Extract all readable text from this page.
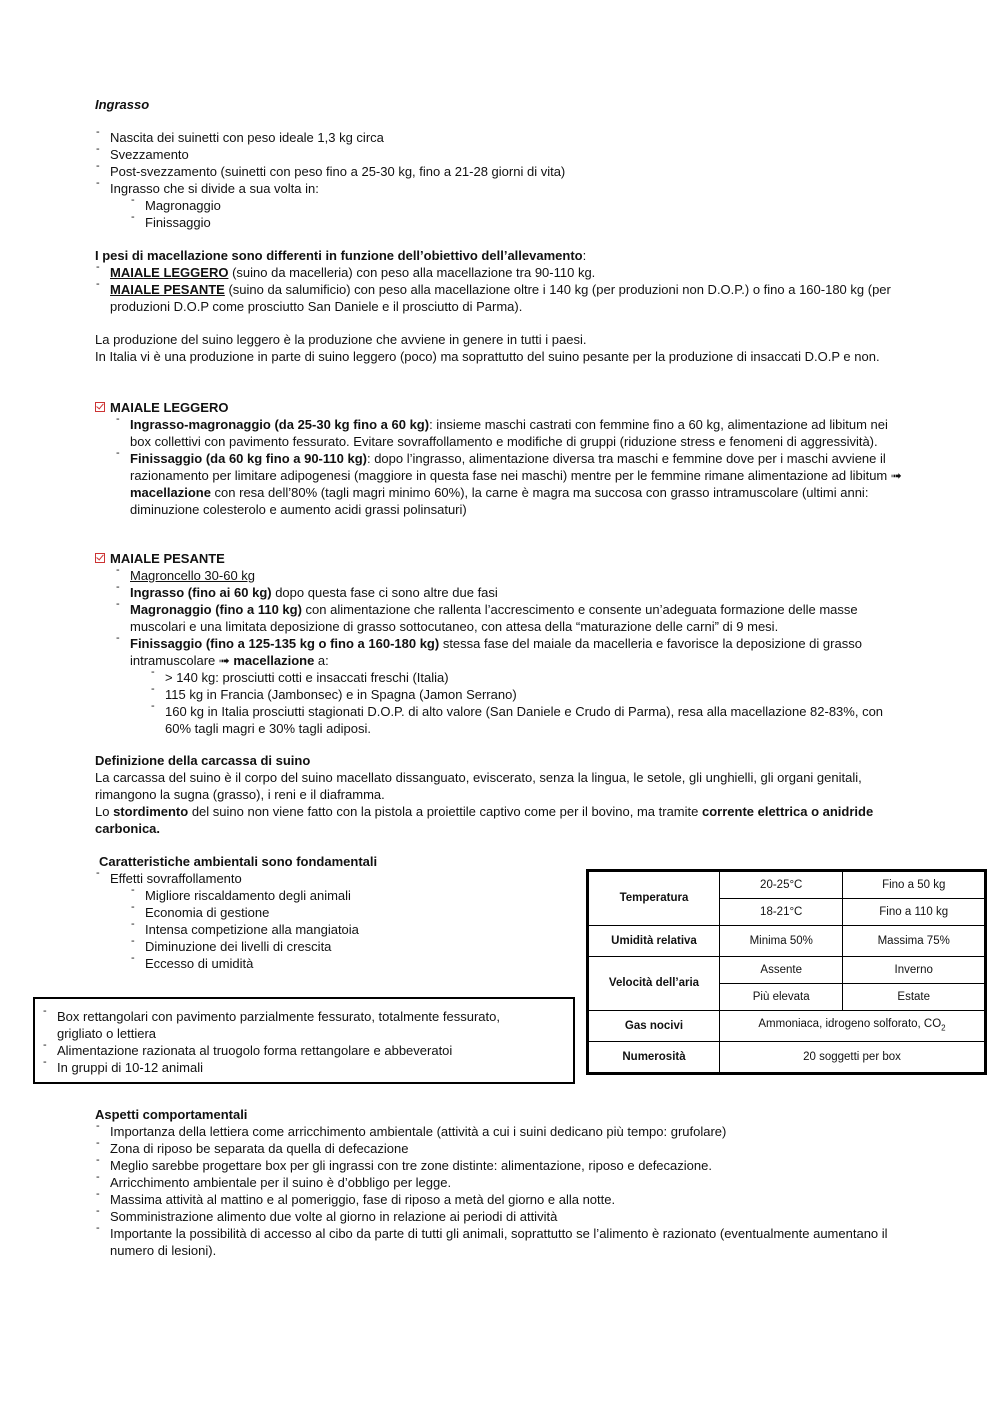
Ingrasso

- Nascita dei suinetti con peso ideale 1,3 kg circa
- Svezzamento
- Post-svezzamento (suinetti con peso fino a 25-30 kg, fino a 21-28 giorni di vita)
- Ingrasso che si divide a sua volta in:
- Magronaggio
- Finissaggio

I pesi di macellazione sono differenti in funzione dell’obiettivo dell’allevamento:

- MAIALE LEGGERO (suino da macelleria) con peso alla macellazione tra 90-110 kg.
- MAIALE PESANTE (suino da salumificio) con peso alla macellazione oltre i 140 kg (per produzioni non D.O.P.) o fino a 160-180 kg (per produzioni D.O.P come prosciutto San Daniele e il prosciutto di Parma).

La produzione del suino leggero è la produzione che avviene in genere in tutti i paesi.

In Italia vi è una produzione in parte di suino leggero (poco) ma soprattutto del suino pesante per la produzione di insaccati D.O.P e non.

MAIALE LEGGERO

- Ingrasso-magronaggio (da 25-30 kg fino a 60 kg): insieme maschi castrati con femmine fino a 60 kg, alimentazione ad libitum nei box collettivi con pavimento fessurato. Evitare sovraffollamento e modifiche di gruppi (riduzione stress e fenomeni di aggressività).
- Finissaggio (da 60 kg fino a 90-110 kg): dopo l’ingrasso, alimentazione diversa tra maschi e femmine dove per i maschi avviene il razionamento per limitare adipogenesi (maggiore in questa fase nei maschi) mentre per le femmine rimane alimentazione ad libitum ➟ macellazione con resa dell’80% (tagli magri minimo 60%), la carne è magra ma succosa con grasso intramuscolare (ultimi anni: diminuzione colesterolo e aumento acidi grassi polinsaturi)

MAIALE PESANTE

- Magroncello 30-60 kg
- Ingrasso (fino ai 60 kg) dopo questa fase ci sono altre due fasi
- Magronaggio (fino a 110 kg) con alimentazione che rallenta l’accrescimento e consente un’adeguata formazione delle masse muscolari e una limitata deposizione di grasso sottocutaneo, con attesa della “maturazione delle carni” di 9 mesi.
- Finissaggio (fino a 125-135 kg o fino a 160-180 kg) stessa fase del maiale da macelleria e favorisce la deposizione di grasso intramuscolare ➟ macellazione a:
- > 140 kg: prosciutti cotti e insaccati freschi (Italia)
- 115 kg in Francia (Jambonsec) e in Spagna (Jamon Serrano)
- 160 kg in Italia prosciutti stagionati D.O.P. di alto valore (San Daniele e Crudo di Parma), resa alla macellazione 82-83%, con 60% tagli magri e 30% tagli adiposi.

Definizione della carcassa di suino

La carcassa del suino è il corpo del suino macellato dissanguato, eviscerato, senza la lingua, le setole, gli unghielli, gli organi genitali, rimangono la sugna (grasso), i reni e il diaframma.

Lo stordimento del suino non viene fatto con la pistola a proiettile captivo come per il bovino, ma tramite corrente elettrica o anidride carbonica.

Caratteristiche ambientali sono fondamentali

- Effetti sovraffollamento
- Migliore riscaldamento degli animali
- Economia di gestione
- Intensa competizione alla mangiatoia
- Diminuzione dei livelli di crescita
- Eccesso di umidità
- Box rettangolari con pavimento parzialmente fessurato, totalmente fessurato, grigliato o lettiera
- Alimentazione razionata al truogolo forma rettangolare e abbeveratoi
- In gruppi di 10-12 animali
Temperatura	20-25°C	Fino a 50 kg
	18-21°C	Fino a 110 kg
Umidità relativa	Minima 50%	Massima 75%
Velocità dell’aria	Assente	Inverno
	Più elevata	Estate
Gas nocivi	Ammoniaca, idrogeno solforato, $CO_2$
Numerosità	20 soggetti per box	

Aspetti comportamentali

- Importanza della lettiera come arricchimento ambientale (attività a cui i suini dedicano più tempo: grufolare)
- Zona di riposo be separata da quella di defecazione
- Meglio sarebbe progettare box per gli ingrassi con tre zone distinte: alimentazione, riposo e defecazione.
- Arricchimento ambientale per il suino è d’obbligo per legge.
- Massima attività al mattino e al pomeriggio, fase di riposo a metà del giorno e alla notte.
- Somministrazione alimento due volte al giorno in relazione ai periodi di attività
- Importante la possibilità di accesso al cibo da parte di tutti gli animali, soprattutto se l’alimento è razionato (eventualmente aumentano il numero di lesioni).
